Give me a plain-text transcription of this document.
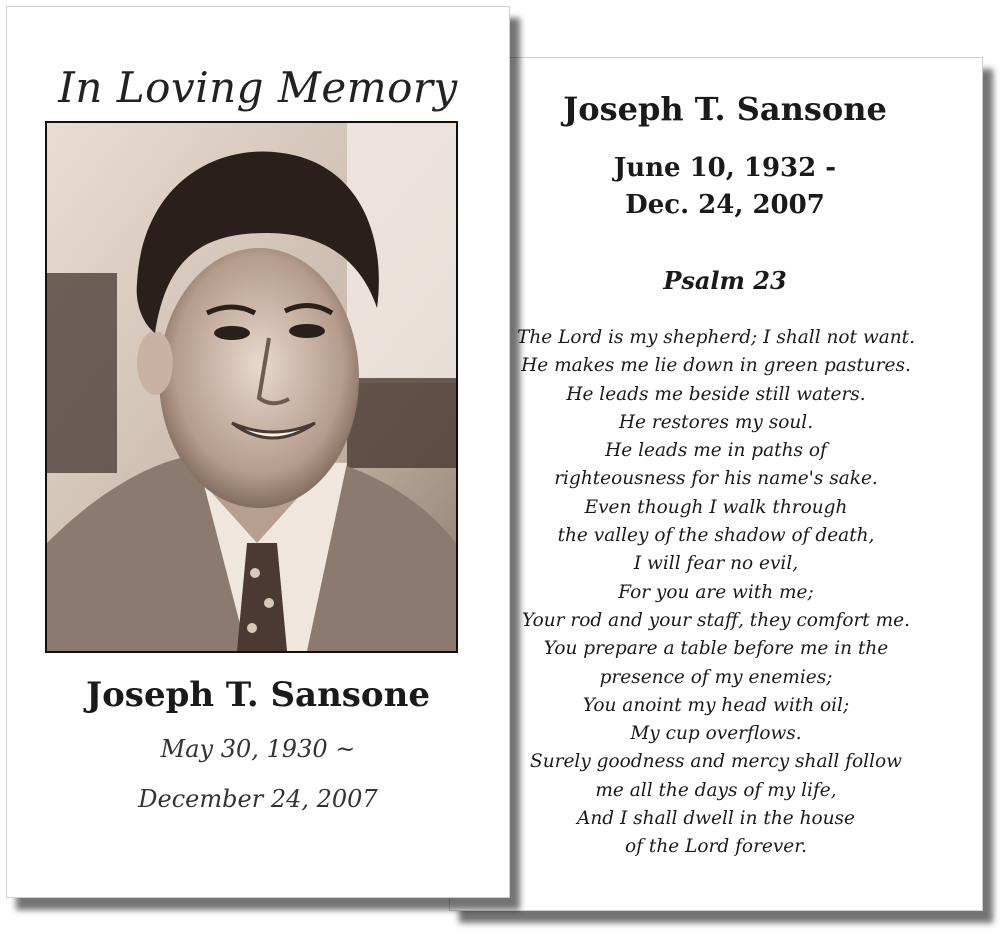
Joseph T. Sansone
June 10, 1932 -
Dec. 24, 2007
Psalm 23
The Lord is my shepherd; I shall not want.
He makes me lie down in green pastures.
He leads me beside still waters.
He restores my soul.
He leads me in paths of
righteousness for his name's sake.
Even though I walk through
the valley of the shadow of death,
I will fear no evil,
For you are with me;
Your rod and your staff, they comfort me.
You prepare a table before me in the
presence of my enemies;
You anoint my head with oil;
My cup overflows.
Surely goodness and mercy shall follow
me all the days of my life,
And I shall dwell in the house
of the Lord forever.
In Loving Memory
Joseph T. Sansone
May 30, 1930 ~
December 24, 2007
